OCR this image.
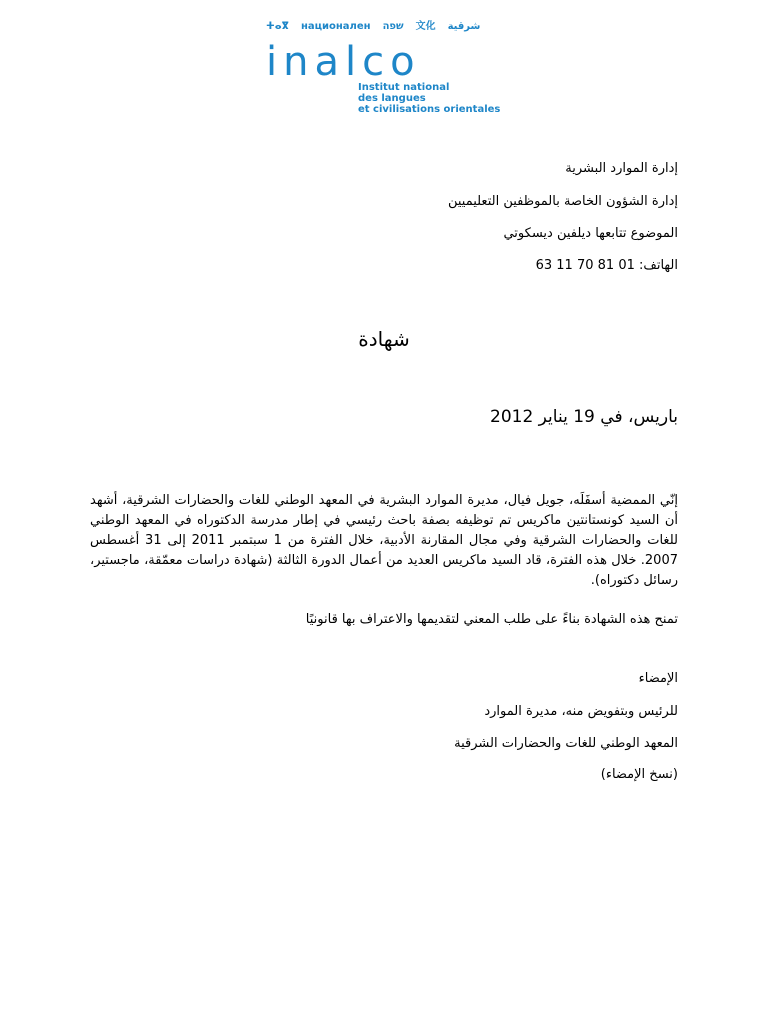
ⵜⴰⴳ национален שפה 文化 شرقية
inalco
Institut national
des langues
et civilisations orientales
إدارة الموارد البشرية
إدارة الشؤون الخاصة بالموظفين التعليميين
الموضوع تتابعها ديلفين ديسكوتي
الهاتف: 01 81 70 11 63
شهادة
باريس، في 19 يناير 2012
إنّي الممضية أسفَلَه، جويل فيال، مديرة الموارد البشرية في المعهد الوطني للغات والحضارات الشرقية، أشهد أن السيد كونستانتين ماكريس تم توظيفه بصفة باحث رئيسي في إطار مدرسة الدكتوراه في المعهد الوطني للغات والحضارات الشرقية وفي مجال المقارنة الأدبية، خلال الفترة من 1 سبتمبر 2011 إلى 31 أغسطس 2007. خلال هذه الفترة، قاد السيد ماكريس العديد من أعمال الدورة الثالثة (شهادة دراسات معمّقة، ماجستير، رسائل دكتوراه).
تمنح هذه الشهادة بناءً على طلب المعني لتقديمها والاعتراف بها قانونيًا
الإمضاء
للرئيس وبتفويض منه، مديرة الموارد
المعهد الوطني للغات والحضارات الشرقية
(نسخ الإمضاء)
